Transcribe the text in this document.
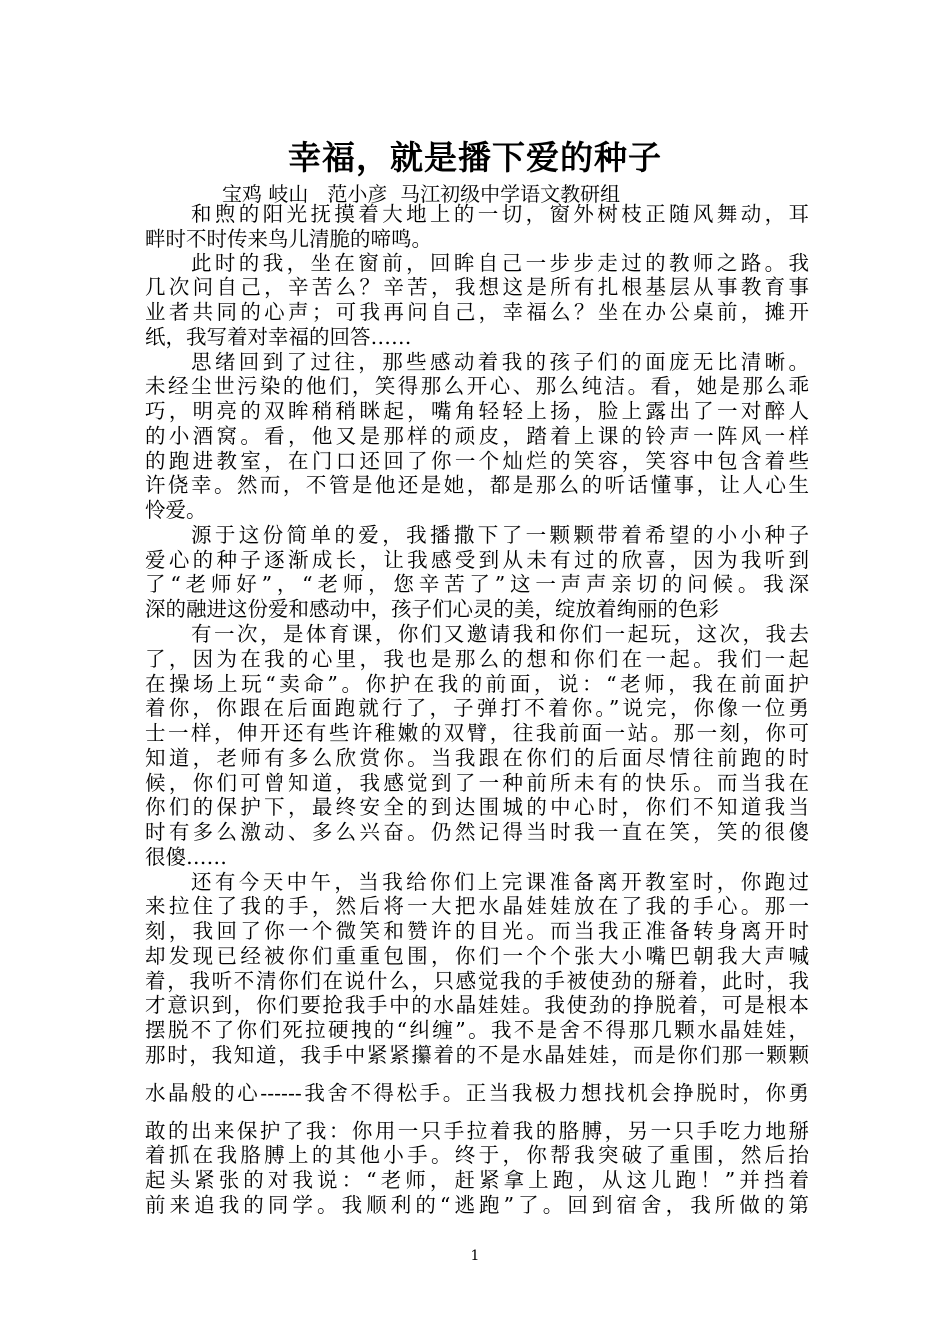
幸福，就是播下爱的种子
宝鸡 岐山   范小彦  马江初级中学语文教研组
和煦的阳光抚摸着大地上的一切，窗外树枝正随风舞动，耳
畔时不时传来鸟儿清脆的啼鸣。
此时的我，坐在窗前，回眸自己一步步走过的教师之路。我
几次问自己，辛苦么？辛苦，我想这是所有扎根基层从事教育事
业者共同的心声；可我再问自己，幸福么？坐在办公桌前，摊开
纸，我写着对幸福的回答……
思绪回到了过往，那些感动着我的孩子们的面庞无比清晰。
未经尘世污染的他们，笑得那么开心、那么纯洁。看，她是那么乖
巧，明亮的双眸稍稍眯起，嘴角轻轻上扬，脸上露出了一对醉人
的小酒窝。看，他又是那样的顽皮，踏着上课的铃声一阵风一样
的跑进教室，在门口还回了你一个灿烂的笑容，笑容中包含着些
许侥幸。然而，不管是他还是她，都是那么的听话懂事，让人心生
怜爱。
源于这份简单的爱，我播撒下了一颗颗带着希望的小小种子
爱心的种子逐渐成长，让我感受到从未有过的欣喜，因为我听到
了“老师好”，“老师，您辛苦了”这一声声亲切的问候。我深
深的融进这份爱和感动中，孩子们心灵的美，绽放着绚丽的色彩
有一次，是体育课，你们又邀请我和你们一起玩，这次，我去
了，因为在我的心里，我也是那么的想和你们在一起。我们一起
在操场上玩“卖命”。你护在我的前面，说：“老师，我在前面护
着你，你跟在后面跑就行了，子弹打不着你。”说完，你像一位勇
士一样，伸开还有些许稚嫩的双臂，往我前面一站。那一刻，你可
知道，老师有多么欣赏你。当我跟在你们的后面尽情往前跑的时
候，你们可曾知道，我感觉到了一种前所未有的快乐。而当我在
你们的保护下，最终安全的到达围城的中心时，你们不知道我当
时有多么激动、多么兴奋。仍然记得当时我一直在笑，笑的很傻
很傻……
还有今天中午，当我给你们上完课准备离开教室时，你跑过
来拉住了我的手，然后将一大把水晶娃娃放在了我的手心。那一
刻，我回了你一个微笑和赞许的目光。而当我正准备转身离开时
却发现已经被你们重重包围，你们一个个张大小嘴巴朝我大声喊
着，我听不清你们在说什么，只感觉我的手被使劲的掰着，此时，我
才意识到，你们要抢我手中的水晶娃娃。我使劲的挣脱着，可是根本
摆脱不了你们死拉硬拽的“纠缠”。我不是舍不得那几颗水晶娃娃，
那时，我知道，我手中紧紧攥着的不是水晶娃娃，而是你们那一颗颗
水晶般的心------我舍不得松手。正当我极力想找机会挣脱时，你勇
敢的出来保护了我：你用一只手拉着我的胳膊，另一只手吃力地掰
着抓在我胳膊上的其他小手。终于，你帮我突破了重围，然后抬
起头紧张的对我说：“老师，赶紧拿上跑，从这儿跑！”并挡着
前来追我的同学。我顺利的“逃跑”了。回到宿舍，我所做的第
1
